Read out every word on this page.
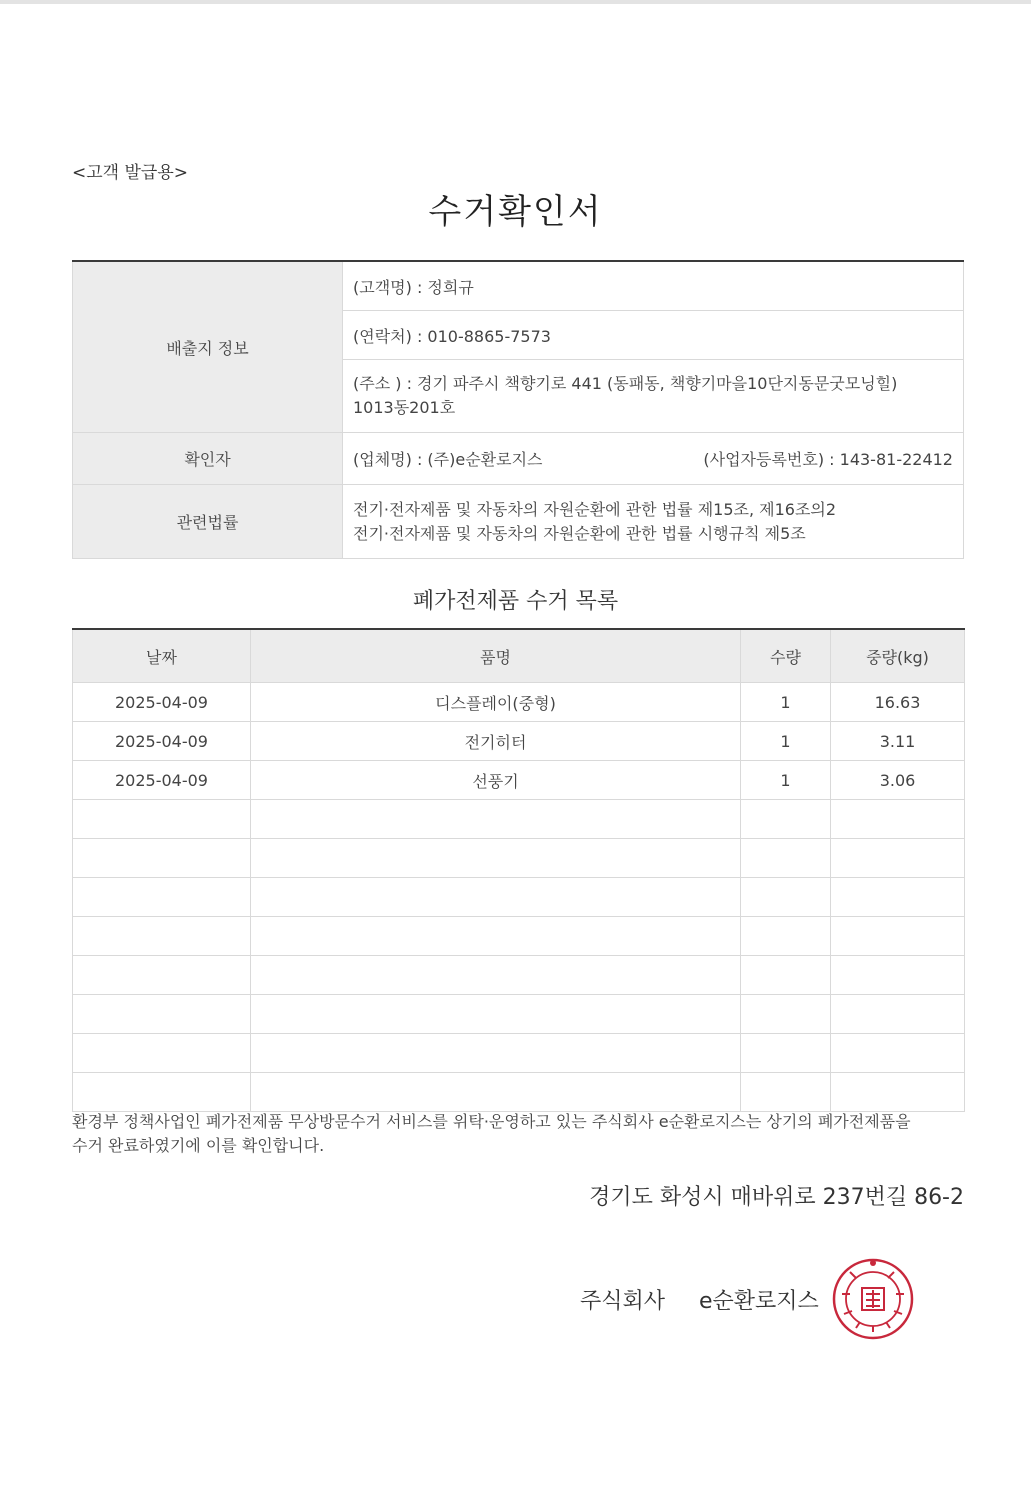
<고객 발급용>
수거확인서
배출지 정보	(고객명) : 정희규
	(연락처) : 010-8865-7573

	(주소 ) : 경기 파주시 책향기로 441 (동패동, 책향기마을10단지동문굿모닝힐)
1013동201호

확인자	(업체명) : (주)e순환로지스 (사업자등록번호) : 143-81-22412

관련법률	전기·전자제품 및 자동차의 자원순환에 관한 법률 제15조, 제16조의2
전기·전자제품 및 자동차의 자원순환에 관한 법률 시행규칙 제5조
폐가전제품 수거 목록
날짜	품명	수량	중량(kg)
2025-04-09	디스플레이(중형)	1	16.63
2025-04-09	전기히터	1	3.11
2025-04-09	선풍기	1	3.06

환경부 정책사업인 폐가전제품 무상방문수거 서비스를 위탁·운영하고 있는 주식회사 e순환로지스는 상기의 폐가전제품을
수거 완료하였기에 이를 확인합니다.
경기도 화성시 매바위로 237번길 86-2
주식회사 e순환로지스
